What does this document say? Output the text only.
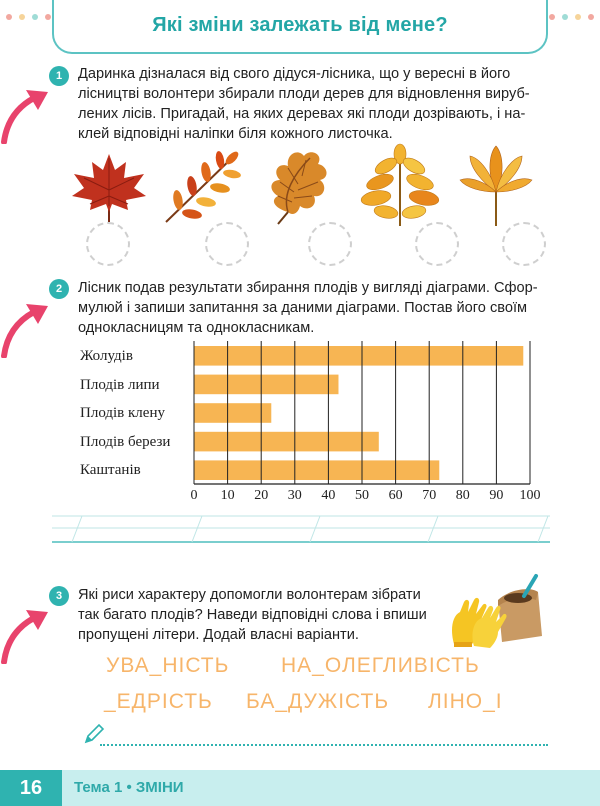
Які зміни залежать від мене?
1	Даринка дізналася від свого дідуся-лісника, що у вересні в його
лісництві волонтери збирали плоди дерев для відновлення вируб-
лених лісів. Пригадай, на яких деревах які плоди дозрівають, і на-
клей відповідні наліпки біля кожного листочка.
2	Лісник подав результати збирання плодів у вигляді діаграми. Сфор-
мулюй і запиши запитання за даними діаграми. Постав його своїм
однокласницям та однокласникам.
Жолудів
Плодів липи
Плодів клену
Плодів берези
Каштанів
0 10 20 30 40 50 60 70 80 90 100
3	Які риси характеру допомогли волонтерам зібрати
так багато плодів? Наведи відповідні слова і впиши
пропущені літери. Додай власні варіанти.
УВА_НІСТЬ НА_ОЛЕГЛИВІСТЬ
_ЕДРІСТЬ БА_ДУЖІСТЬ ЛІНО_І
16	Тема 1 • ЗМІНИ
